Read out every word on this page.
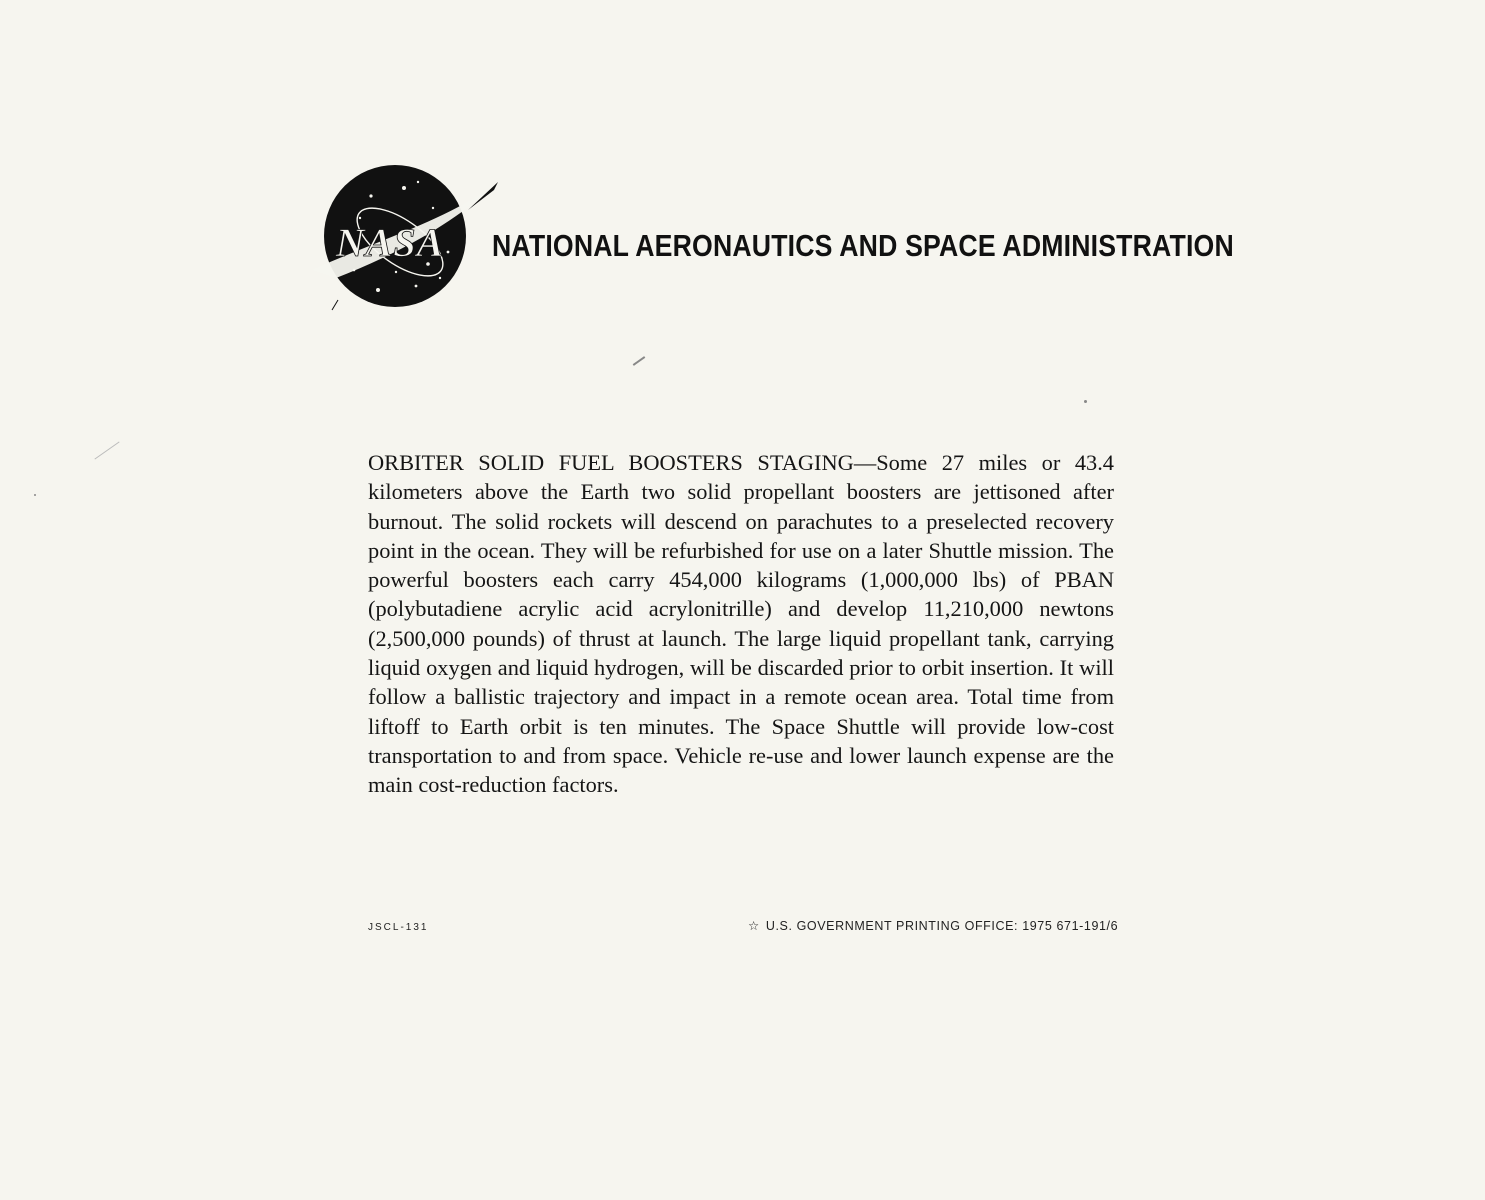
NASA NATIONAL AERONAUTICS AND SPACE ADMINISTRATION
ORBITER SOLID FUEL BOOSTERS STAGING—Some 27 miles or 43.4 kilometers above the Earth two solid propellant boosters are jettisoned after burnout. The solid rockets will descend on parachutes to a preselected recovery point in the ocean. They will be refurbished for use on a later Shuttle mission. The powerful boosters each carry 454,000 kilograms (1,000,000 lbs) of PBAN (polybutadiene acrylic acid acrylonitrille) and develop 11,210,000 newtons (2,500,000 pounds) of thrust at launch. The large liquid propellant tank, carrying liquid oxygen and liquid hydrogen, will be discarded prior to orbit insertion. It will follow a ballistic trajectory and impact in a remote ocean area. Total time from liftoff to Earth orbit is ten minutes. The Space Shuttle will provide low-cost transportation to and from space. Vehicle re-use and lower launch expense are the main cost-reduction factors.
JSCL-131	☆ U.S. GOVERNMENT PRINTING OFFICE: 1975 671-191/6
